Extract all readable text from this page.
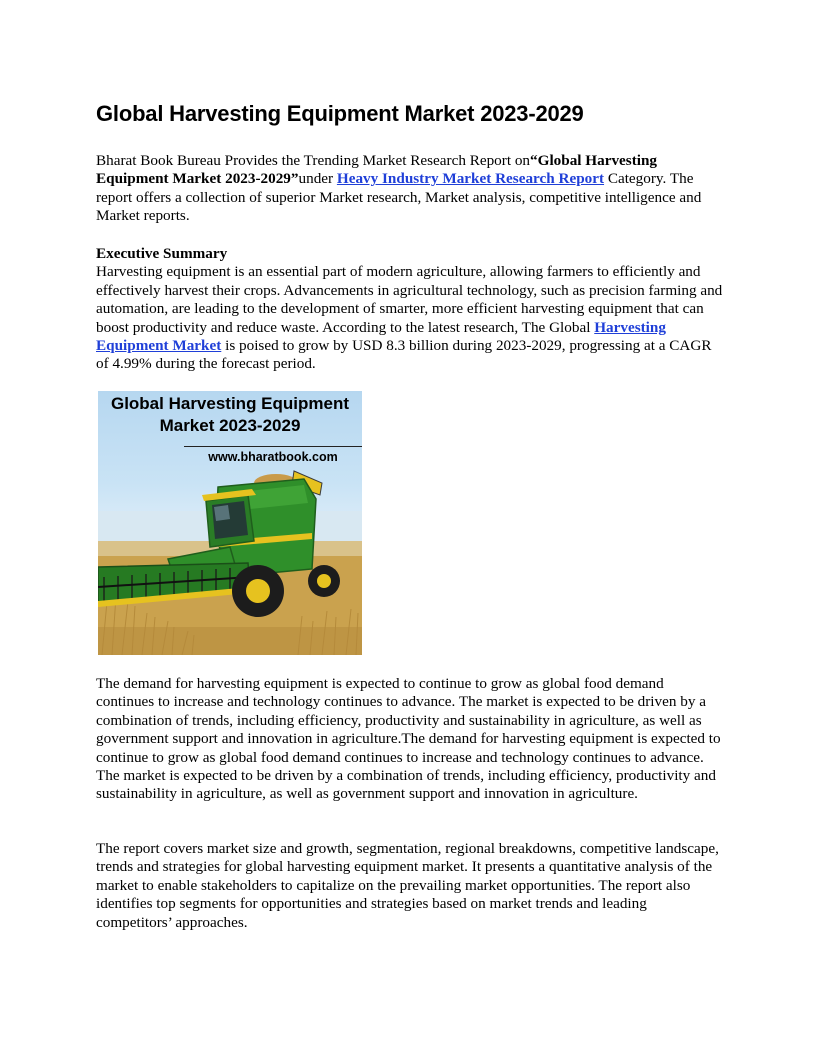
Global Harvesting Equipment Market 2023-2029

Bharat Book Bureau Provides the Trending Market Research Report on“Global Harvesting Equipment Market 2023-2029”under Heavy Industry Market Research Report Category. The report offers a collection of superior Market research, Market analysis, competitive intelligence and Market reports.

Executive Summary
Harvesting equipment is an essential part of modern agriculture, allowing farmers to efficiently and effectively harvest their crops. Advancements in agricultural technology, such as precision farming and automation, are leading to the development of smarter, more efficient harvesting equipment that can boost productivity and reduce waste. According to the latest research, The Global Harvesting Equipment Market is poised to grow by USD 8.3 billion during 2023-2029, progressing at a CAGR of 4.99% during the forecast period.

Global Harvesting Equipment
Market 2023-2029
www.bharatbook.com

The demand for harvesting equipment is expected to continue to grow as global food demand continues to increase and technology continues to advance. The market is expected to be driven by a combination of trends, including efficiency, productivity and sustainability in agriculture, as well as government support and innovation in agriculture.The demand for harvesting equipment is expected to continue to grow as global food demand continues to increase and technology continues to advance. The market is expected to be driven by a combination of trends, including efficiency, productivity and sustainability in agriculture, as well as government support and innovation in agriculture.

The report covers market size and growth, segmentation, regional breakdowns, competitive landscape, trends and strategies for global harvesting equipment market. It presents a quantitative analysis of the market to enable stakeholders to capitalize on the prevailing market opportunities. The report also identifies top segments for opportunities and strategies based on market trends and leading competitors’ approaches.
